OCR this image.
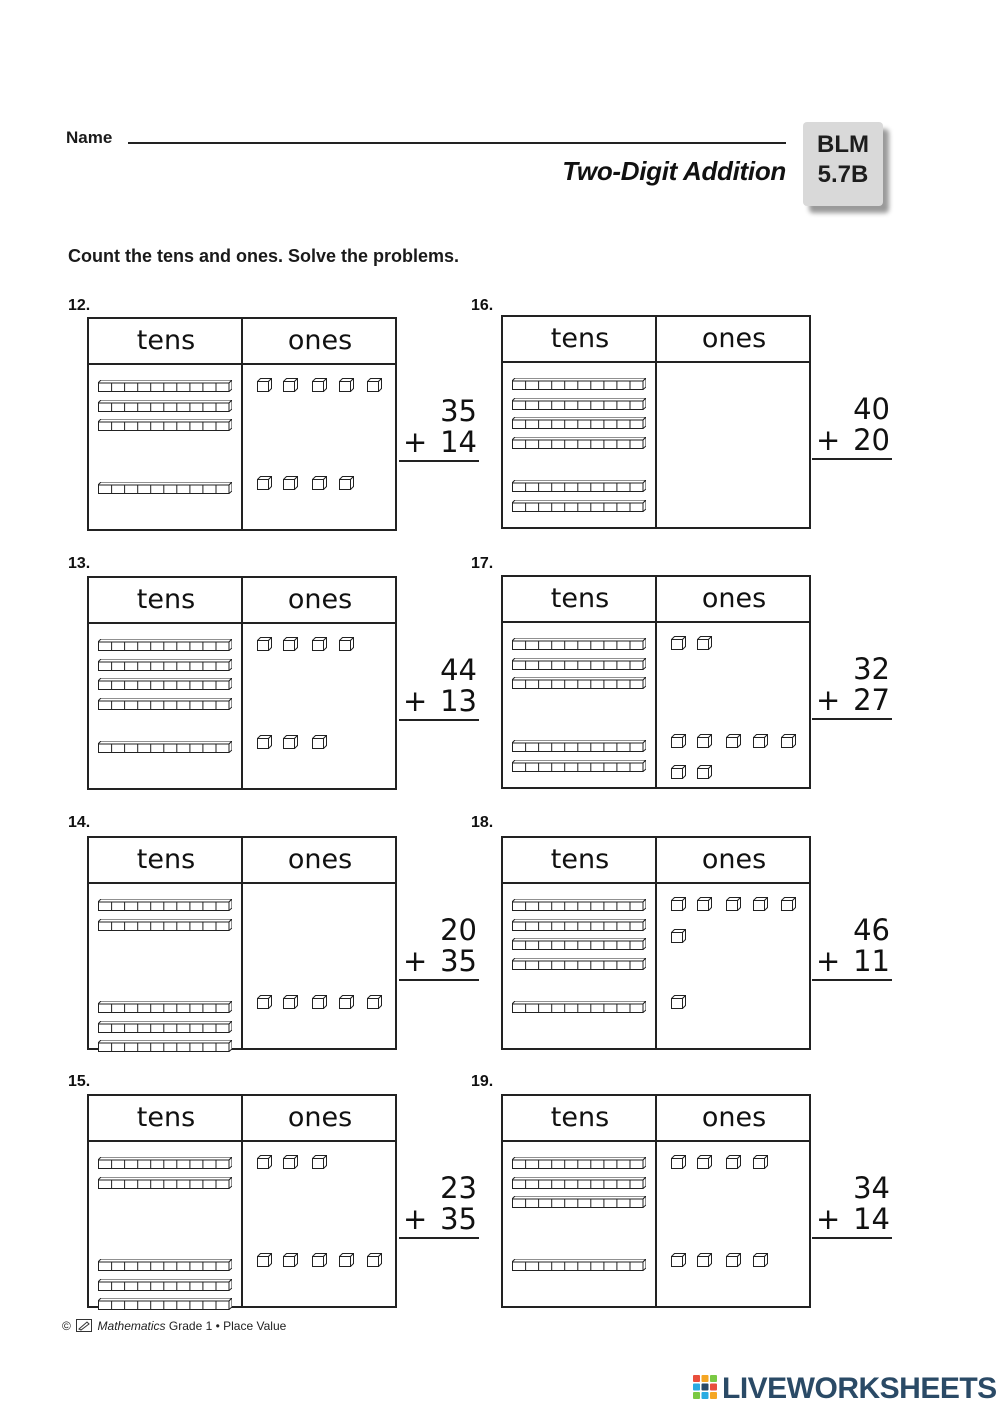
Name
Two-Digit Addition
BLM
5.7B
Count the tens and ones. Solve the problems.
12.
13.
14.
15.
16.
17.
18.
19.
tens	ones
tens	ones
tens	ones
tens	ones
tens	ones
tens	ones
tens	ones
tens	ones
35
+ 14
44
+ 13
20
+ 35
23
+ 35
40
+ 20
32
+ 27
46
+ 11
34
+ 14
© Mathematics Grade 1 • Place Value
LIVEWORKSHEETS
